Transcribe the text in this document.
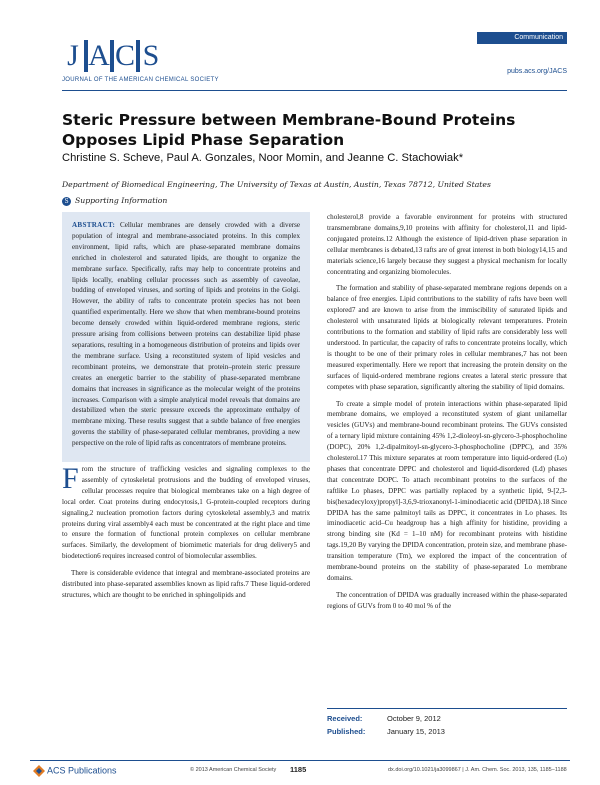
J A C S
JOURNAL OF THE AMERICAN CHEMICAL SOCIETY
Communication
pubs.acs.org/JACS
Steric Pressure between Membrane-Bound Proteins Opposes Lipid Phase Separation
Christine S. Scheve, Paul A. Gonzales, Noor Momin, and Jeanne C. Stachowiak*
Department of Biomedical Engineering, The University of Texas at Austin, Austin, Texas 78712, United States
S Supporting Information
ABSTRACT: Cellular membranes are densely crowded with a diverse population of integral and membrane-associated proteins. In this complex environment, lipid rafts, which are phase-separated membrane domains enriched in cholesterol and saturated lipids, are thought to organize the membrane surface. Specifically, rafts may help to concentrate proteins and lipids locally, enabling cellular processes such as assembly of caveolae, budding of enveloped viruses, and sorting of lipids and proteins in the Golgi. However, the ability of rafts to concentrate protein species has not been quantified experimentally. Here we show that when membrane-bound proteins become densely crowded within liquid-ordered membrane regions, steric pressure arising from collisions between proteins can destabilize lipid phase separations, resulting in a homogeneous distribution of proteins and lipids over the membrane surface. Using a reconstituted system of lipid vesicles and recombinant proteins, we demonstrate that protein–protein steric pressure creates an energetic barrier to the stability of phase-separated membrane domains that increases in significance as the molecular weight of the proteins increases. Comparison with a simple analytical model reveals that domains are destabilized when the steric pressure exceeds the approximate enthalpy of membrane mixing. These results suggest that a subtle balance of free energies governs the stability of phase-separated cellular membranes, providing a new perspective on the role of lipid rafts as concentrators of membrane proteins.

From the structure of trafficking vesicles and signaling complexes to the assembly of cytoskeletal protrusions and the budding of enveloped viruses, cellular processes require that biological membranes take on a high degree of local order. Coat proteins during endocytosis,1 G-protein-coupled receptors during signaling,2 nucleation promotion factors during cytoskeletal assembly,3 and matrix proteins during viral assembly4 each must be concentrated at the right place and time to ensure the formation of functional protein complexes on cellular membrane surfaces. Similarly, the development of biomimetic materials for drug delivery5 and biodetection6 requires increased control of biomolecular assemblies.

There is considerable evidence that integral and membrane-associated proteins are distributed into phase-separated assemblies known as lipid rafts.7 These liquid-ordered structures, which are thought to be enriched in sphingolipids and

cholesterol,8 provide a favorable environment for proteins with structured transmembrane domains,9,10 proteins with affinity for cholesterol,11 and lipid-conjugated proteins.12 Although the existence of lipid-driven phase separation in cellular membranes is debated,13 rafts are of great interest in both biology14,15 and materials science,16 largely because they suggest a physical mechanism for locally concentrating and organizing biomolecules.

The formation and stability of phase-separated membrane regions depends on a balance of free energies. Lipid contributions to the stability of rafts have been well explored7 and are known to arise from the immiscibility of saturated lipids and cholesterol with unsaturated lipids at biologically relevant temperatures. Protein contributions to the formation and stability of lipid rafts are considerably less well understood. In particular, the capacity of rafts to concentrate proteins locally, which is thought to be one of their primary roles in cellular membranes,7 has not been measured experimentally. Here we report that increasing the protein density on the surfaces of liquid-ordered membrane regions creates a lateral steric pressure that competes with phase separation, significantly altering the stability of lipid domains.

To create a simple model of protein interactions within phase-separated lipid membrane domains, we employed a reconstituted system of giant unilamellar vesicles (GUVs) and membrane-bound recombinant proteins. The GUVs consisted of a ternary lipid mixture containing 45% 1,2-dioleoyl-sn-glycero-3-phosphocholine (DOPC), 20% 1,2-dipalmitoyl-sn-glycero-3-phosphocholine (DPPC), and 35% cholesterol.17 This mixture separates at room temperature into liquid-ordered (Lo) phases that concentrate DPPC and cholesterol and liquid-disordered (Ld) phases that concentrate DOPC. To attach recombinant proteins to the surfaces of the raftlike Lo phases, DPPC was partially replaced by a synthetic lipid, 9-[2,3-bis(hexadecyloxy)propyl]-3,6,9-trioxanonyl-1-iminodiacetic acid (DPIDA).18 Since DPIDA has the same palmitoyl tails as DPPC, it concentrates in Lo phases. Its iminodiacetic acid–Cu headgroup has a high affinity for histidine, providing a strong binding site (Kd = 1–10 nM) for recombinant proteins with histidine tags.19,20 By varying the DPIDA concentration, protein size, and membrane phase-transition temperature (Tm), we explored the impact of the concentration of membrane-bound proteins on the stability of phase-separated Lo membrane domains.

The concentration of DPIDA was gradually increased within the phase-separated regions of GUVs from 0 to 40 mol % of the

Received:	October 9, 2012
Published:	January 15, 2013
ACS Publications	© 2013 American Chemical Society 1185	dx.doi.org/10.1021/ja3099867 | J. Am. Chem. Soc. 2013, 135, 1185−1188
